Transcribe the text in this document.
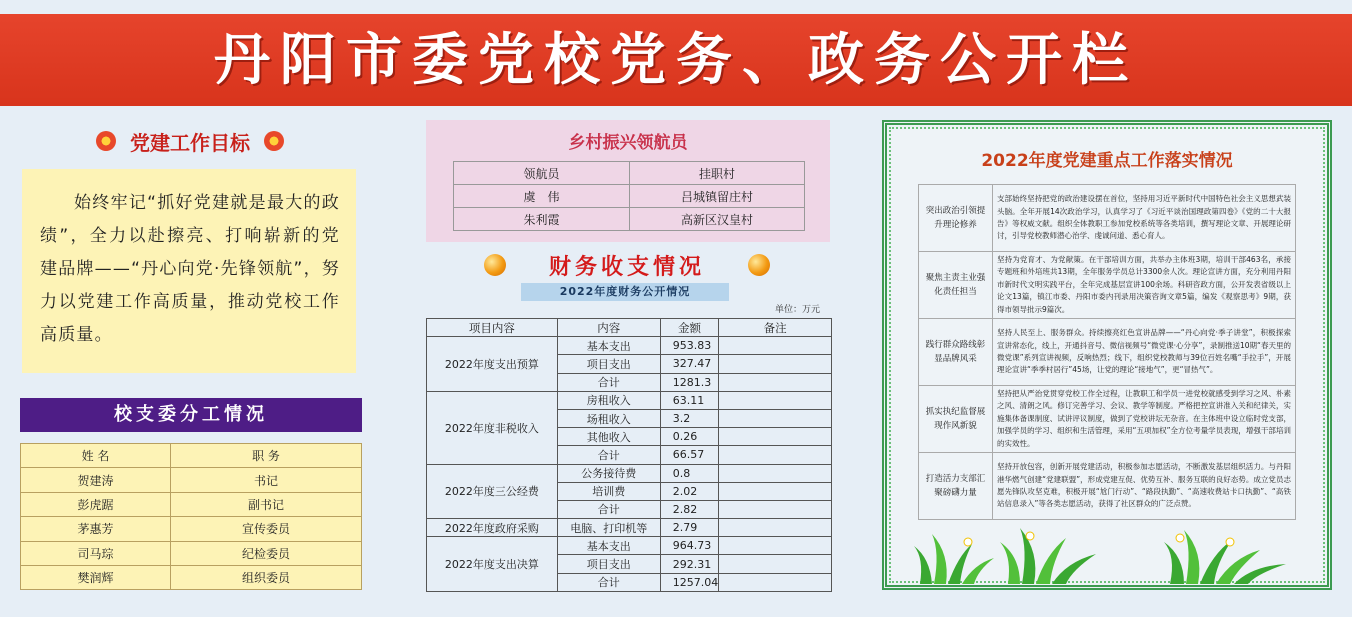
丹阳市委党校党务、政务公开栏
党建工作目标

始终牢记“抓好党建就是最大的政绩”，全力以赴擦亮、打响崭新的党建品牌——“丹心向党·先锋领航”，努力以党建工作高质量，推动党校工作高质量。

校支委分工情况
姓 名	职 务
贺建涛	书记
彭虎踞	副书记
茅惠芳	宣传委员
司马琮	纪检委员
樊润辉	组织委员
乡村振兴领航员
领航员	挂职村
虞　伟	吕城镇留庄村
朱利霞	高新区汉皇村
财务收支情况
2022年度财务公开情况
单位：万元
项目内容	内容	金额	备注
2022年度支出预算	基本支出	953.83	
	项目支出	327.47	
	合计	1281.3	
2022年度非税收入	房租收入	63.11	
	场租收入	3.2	
	其他收入	0.26	
	合计	66.57	
2022年度三公经费	公务接待费	0.8	
	培训费	2.02	
	合计	2.82	
2022年度政府采购	电脑、打印机等	2.79	
2022年度支出决算	基本支出	964.73	
	项目支出	292.31	
	合计	1257.04	
2022年度党建重点工作落实情况
突出政治引领提升理论修养	支部始终坚持把党的政治建设摆在首位，坚持用习近平新时代中国特色社会主义思想武装头脑。全年开展14次政治学习，认真学习了《习近平谈治国理政第四卷》《党的二十大报告》等权威文献。组织全体教职工参加党校系统等各类培训，撰写理论文章、开展理论研讨，引导党校教师潜心治学、虔诚问道、悉心育人。
聚焦主责主业强化责任担当	坚持为党育才、为党献策。在干部培训方面，共举办主体班3期，培训干部463名，承接专题班和外培班共13期，全年服务学员总计3300余人次。理论宣讲方面，充分利用丹阳市新时代文明实践平台，全年完成基层宣讲100余场。科研咨政方面，公开发表省级以上论文13篇，镇江市委、丹阳市委内刊录用决策咨询文章5篇，编发《观察思考》9期，获得市领导批示9篇次。
践行群众路线彰显品牌风采	坚持人民至上、服务群众。持续擦亮红色宣讲品牌——“丹心向党·季子讲堂”，积极探索宣讲常态化，线上，开通抖音号、微信视频号“微党课·心分享”，录制推送10期“春天里的微党课”系列宣讲视频，反响热烈；线下，组织党校教师与39位百姓名嘴“手拉手”，开展理论宣讲“季季村居行”45场，让党的理论“接地气”，更“冒热气”。
抓实执纪监督展现作风新貌	坚持把从严治党贯穿党校工作全过程，让教职工和学员一进党校就感受到学习之风、朴素之风、清朗之风。修订完善学习、会议、教学等制度。严格把控宣讲准入关和纪律关，实施集体备课制度、试讲评议制度，做到了党校讲坛无杂音。在主体班中设立临时党支部，加强学员的学习、组织和生活管理，采用“五项加权”全方位考量学员表现，增强干部培训的实效性。
打造活力支部汇聚磅礴力量	坚持开放包容，创新开展党建活动，积极参加志愿活动，不断激发基层组织活力。与丹阳港华燃气创建“党建联盟”，形成党建互促、优势互补、服务互联的良好态势。成立党员志愿先锋队攻坚克难，积极开展“尬门行动”、“路段执勤”、“高速收费站卡口执勤”、“高铁站信息录入”等各类志愿活动，获得了社区群众的广泛点赞。
